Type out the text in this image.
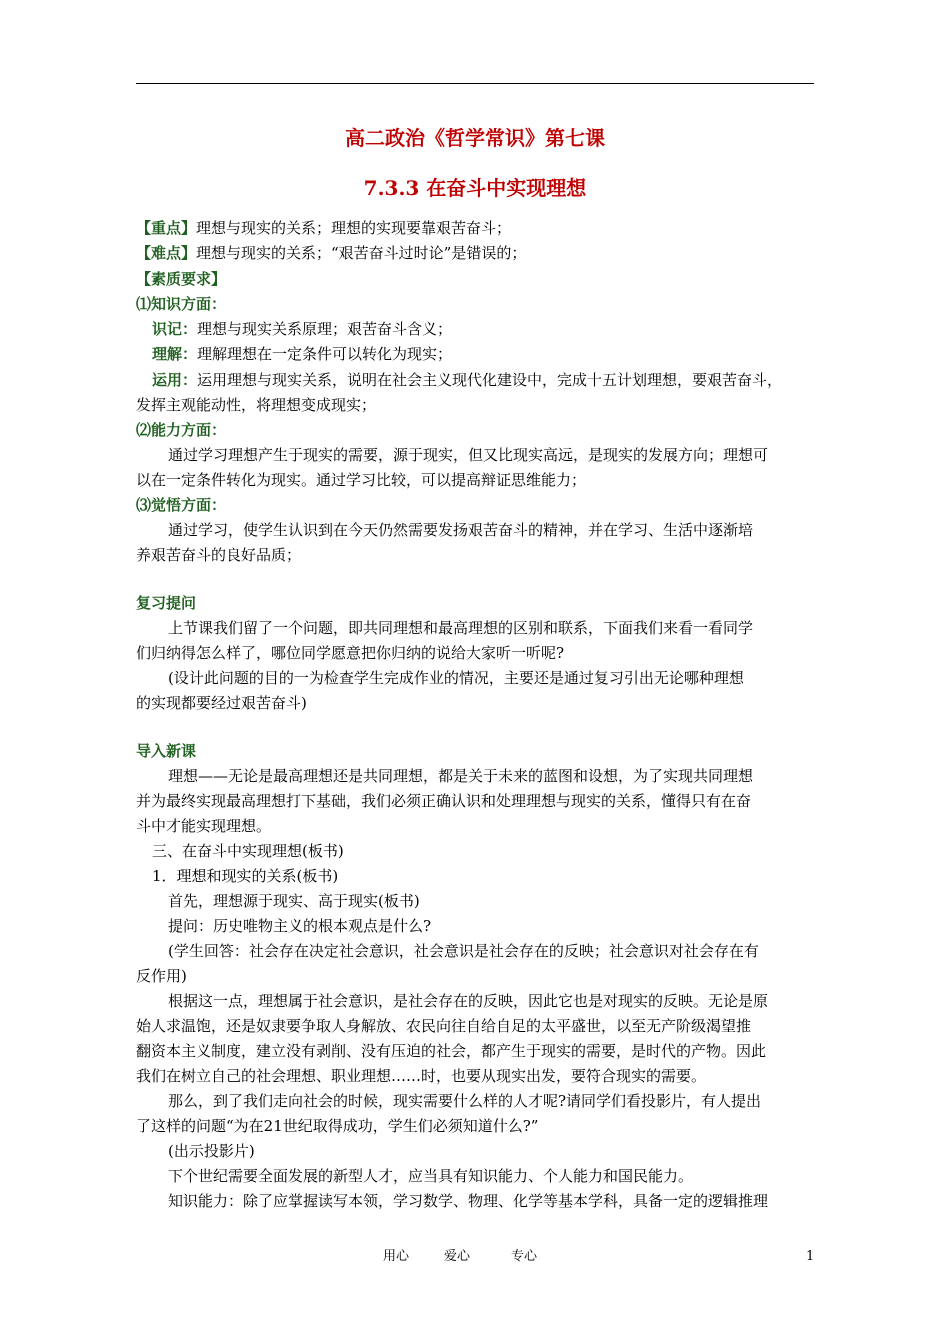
高二政治《哲学常识》第七课
7.3.3 在奋斗中实现理想
【重点】理想与现实的关系；理想的实现要靠艰苦奋斗；
【难点】理想与现实的关系；“艰苦奋斗过时论”是错误的；
【素质要求】
⑴知识方面：
识记：理想与现实关系原理；艰苦奋斗含义；
理解：理解理想在一定条件可以转化为现实；
运用：运用理想与现实关系，说明在社会主义现代化建设中，完成十五计划理想，要艰苦奋斗，
发挥主观能动性，将理想变成现实；
⑵能力方面：
通过学习理想产生于现实的需要，源于现实，但又比现实高远，是现实的发展方向；理想可
以在一定条件转化为现实。通过学习比较，可以提高辩证思维能力；
⑶觉悟方面：
通过学习，使学生认识到在今天仍然需要发扬艰苦奋斗的精神，并在学习、生活中逐渐培
养艰苦奋斗的良好品质；
复习提问
上节课我们留了一个问题，即共同理想和最高理想的区别和联系，下面我们来看一看同学
们归纳得怎么样了，哪位同学愿意把你归纳的说给大家听一听呢?
(设计此问题的目的一为检查学生完成作业的情况，主要还是通过复习引出无论哪种理想
的实现都要经过艰苦奋斗)
导入新课
理想——无论是最高理想还是共同理想，都是关于未来的蓝图和设想，为了实现共同理想
并为最终实现最高理想打下基础，我们必须正确认识和处理理想与现实的关系，懂得只有在奋
斗中才能实现理想。
三、在奋斗中实现理想(板书)
1．理想和现实的关系(板书)
首先，理想源于现实、高于现实(板书)
提问：历史唯物主义的根本观点是什么?
(学生回答：社会存在决定社会意识，社会意识是社会存在的反映；社会意识对社会存在有
反作用)
根据这一点，理想属于社会意识，是社会存在的反映，因此它也是对现实的反映。无论是原
始人求温饱，还是奴隶要争取人身解放、农民向往自给自足的太平盛世，以至无产阶级渴望推
翻资本主义制度，建立没有剥削、没有压迫的社会，都产生于现实的需要，是时代的产物。因此
我们在树立自己的社会理想、职业理想……时，也要从现实出发，要符合现实的需要。
那么，到了我们走向社会的时候，现实需要什么样的人才呢?请同学们看投影片，有人提出
了这样的问题“为在21世纪取得成功，学生们必须知道什么?”
(出示投影片)
下个世纪需要全面发展的新型人才，应当具有知识能力、个人能力和国民能力。
知识能力：除了应掌握读写本领，学习数学、物理、化学等基本学科，具备一定的逻辑推理
用心	爱心	专心	1
